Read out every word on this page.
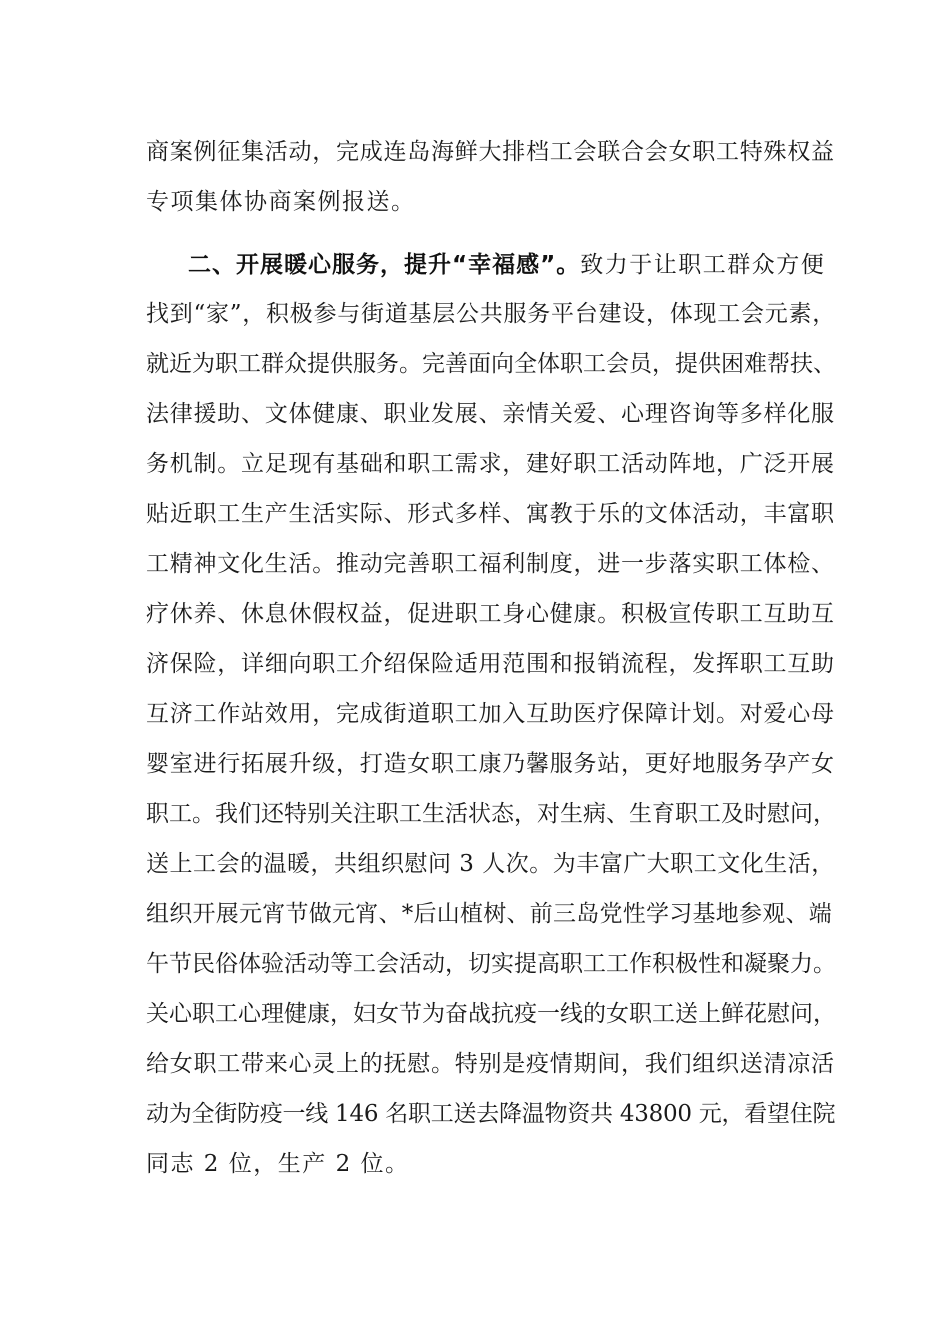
商案例征集活动，完成连岛海鲜大排档工会联合会女职工特殊权益
专项集体协商案例报送。
二、开展暖心服务，提升“幸福感”。致力于让职工群众方便
找到“家”，积极参与街道基层公共服务平台建设，体现工会元素，
就近为职工群众提供服务。完善面向全体职工会员，提供困难帮扶、
法律援助、文体健康、职业发展、亲情关爱、心理咨询等多样化服
务机制。立足现有基础和职工需求，建好职工活动阵地，广泛开展
贴近职工生产生活实际、形式多样、寓教于乐的文体活动，丰富职
工精神文化生活。推动完善职工福利制度，进一步落实职工体检、
疗休养、休息休假权益，促进职工身心健康。积极宣传职工互助互
济保险，详细向职工介绍保险适用范围和报销流程，发挥职工互助
互济工作站效用，完成街道职工加入互助医疗保障计划。对爱心母
婴室进行拓展升级，打造女职工康乃馨服务站，更好地服务孕产女
职工。我们还特别关注职工生活状态，对生病、生育职工及时慰问，
送上工会的温暖，共组织慰问 3 人次。为丰富广大职工文化生活，
组织开展元宵节做元宵、*后山植树、前三岛党性学习基地参观、端
午节民俗体验活动等工会活动，切实提高职工工作积极性和凝聚力。
关心职工心理健康，妇女节为奋战抗疫一线的女职工送上鲜花慰问，
给女职工带来心灵上的抚慰。特别是疫情期间，我们组织送清凉活
动为全街防疫一线 146 名职工送去降温物资共 43800 元，看望住院
同志 2 位，生产 2 位。
